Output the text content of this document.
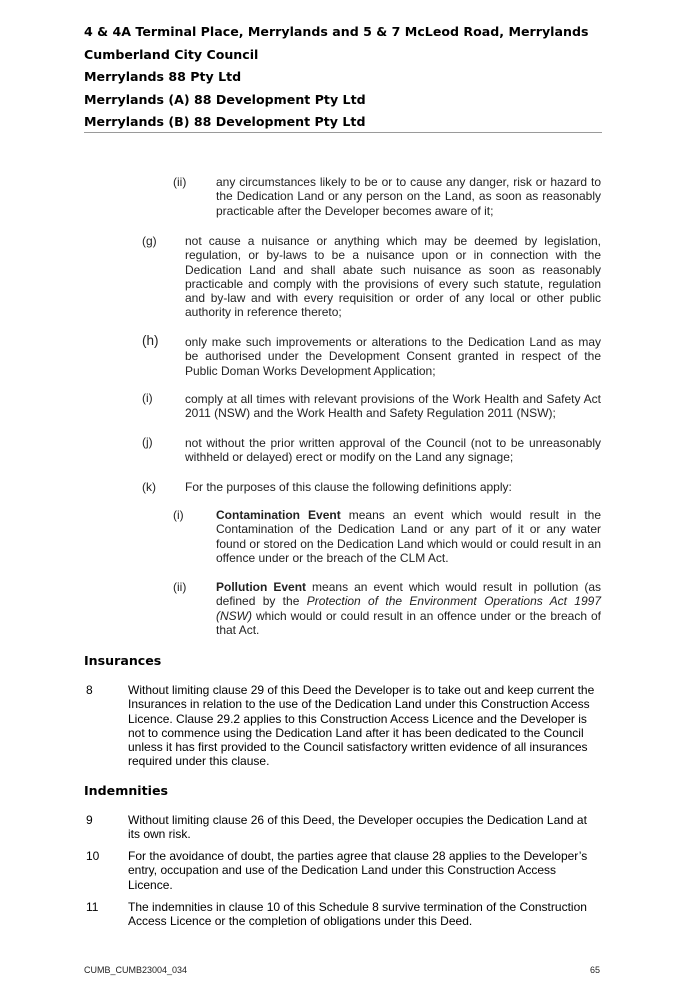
4 & 4A Terminal Place, Merrylands and 5 & 7 McLeod Road, Merrylands
Cumberland City Council
Merrylands 88 Pty Ltd
Merrylands (A) 88 Development Pty Ltd
Merrylands (B) 88 Development Pty Ltd
(ii) any circumstances likely to be or to cause any danger, risk or hazard to the Dedication Land or any person on the Land, as soon as reasonably practicable after the Developer becomes aware of it;
(g) not cause a nuisance or anything which may be deemed by legislation, regulation, or by-laws to be a nuisance upon or in connection with the Dedication Land and shall abate such nuisance as soon as reasonably practicable and comply with the provisions of every such statute, regulation and by-law and with every requisition or order of any local or other public authority in reference thereto;
(h) only make such improvements or alterations to the Dedication Land as may be authorised under the Development Consent granted in respect of the Public Doman Works Development Application;
(i)	comply at all times with relevant provisions of the Work Health and Safety Act 2011 (NSW) and the Work Health and Safety Regulation 2011 (NSW);
(j)	not without the prior written approval of the Council (not to be unreasonably withheld or delayed) erect or modify on the Land any signage;
(k) For the purposes of this clause the following definitions apply:
(i)	Contamination Event means an event which would result in the Contamination of the Dedication Land or any part of it or any water found or stored on the Dedication Land which would or could result in an offence under or the breach of the CLM Act.
(ii) Pollution Event means an event which would result in pollution (as defined by the Protection of the Environment Operations Act 1997 (NSW) which would or could result in an offence under or the breach of that Act.
Insurances
8	Without limiting clause 29 of this Deed the Developer is to take out and keep current the Insurances in relation to the use of the Dedication Land under this Construction Access Licence. Clause 29.2 applies to this Construction Access Licence and the Developer is not to commence using the Dedication Land after it has been dedicated to the Council unless it has first provided to the Council satisfactory written evidence of all insurances required under this clause.
Indemnities
9	Without limiting clause 26 of this Deed, the Developer occupies the Dedication Land at its own risk.
10 For the avoidance of doubt, the parties agree that clause 28 applies to the Developer’s entry, occupation and use of the Dedication Land under this Construction Access Licence.
11 The indemnities in clause 10 of this Schedule 8 survive termination of the Construction Access Licence or the completion of obligations under this Deed.
CUMB_CUMB23004_034	65
